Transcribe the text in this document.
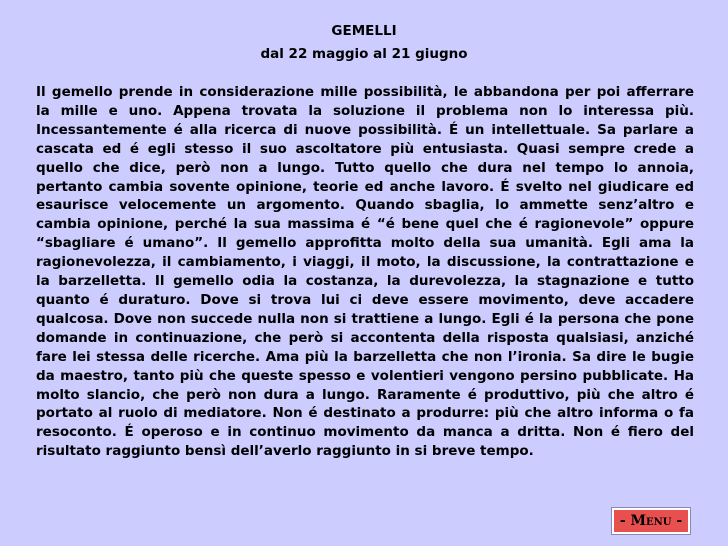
GEMELLI
dal 22 maggio al 21 giugno

Il gemello prende in considerazione mille possibilità, le abbandona per poi afferrare la mille e uno. Appena trovata la soluzione il problema non lo interessa più. Incessantemente é alla ricerca di nuove possibilità. É un intellettuale. Sa parlare a cascata ed é egli stesso il suo ascoltatore più entusiasta. Quasi sempre crede a quello che dice, però non a lungo. Tutto quello che dura nel tempo lo annoia, pertanto cambia sovente opinione, teorie ed anche lavoro. É svelto nel giudicare ed esaurisce velocemente un argomento. Quando sbaglia, lo ammette senz’altro e cambia opinione, perché la sua massima é “é bene quel che é ragionevole” oppure “sbagliare é umano”. Il gemello approfitta molto della sua umanità. Egli ama la ragionevolezza, il cambiamento, i viaggi, il moto, la discussione, la contrattazione e la barzelletta. Il gemello odia la costanza, la durevolezza, la stagnazione e tutto quanto é duraturo. Dove si trova lui ci deve essere movimento, deve accadere qualcosa. Dove non succede nulla non si trattiene a lungo. Egli é la persona che pone domande in continuazione, che però si accontenta della risposta qualsiasi, anziché fare lei stessa delle ricerche. Ama più la barzelletta che non l’ironia. Sa dire le bugie da maestro, tanto più che queste spesso e volentieri vengono persino pubblicate. Ha molto slancio, che però non dura a lungo. Raramente é produttivo, più che altro é portato al ruolo di mediatore. Non é destinato a produrre: più che altro informa o fa resoconto. É operoso e in continuo movimento da manca a dritta. Non é fiero del risultato raggiunto bensì dell’averlo raggiunto in si breve tempo.

- Menu -
